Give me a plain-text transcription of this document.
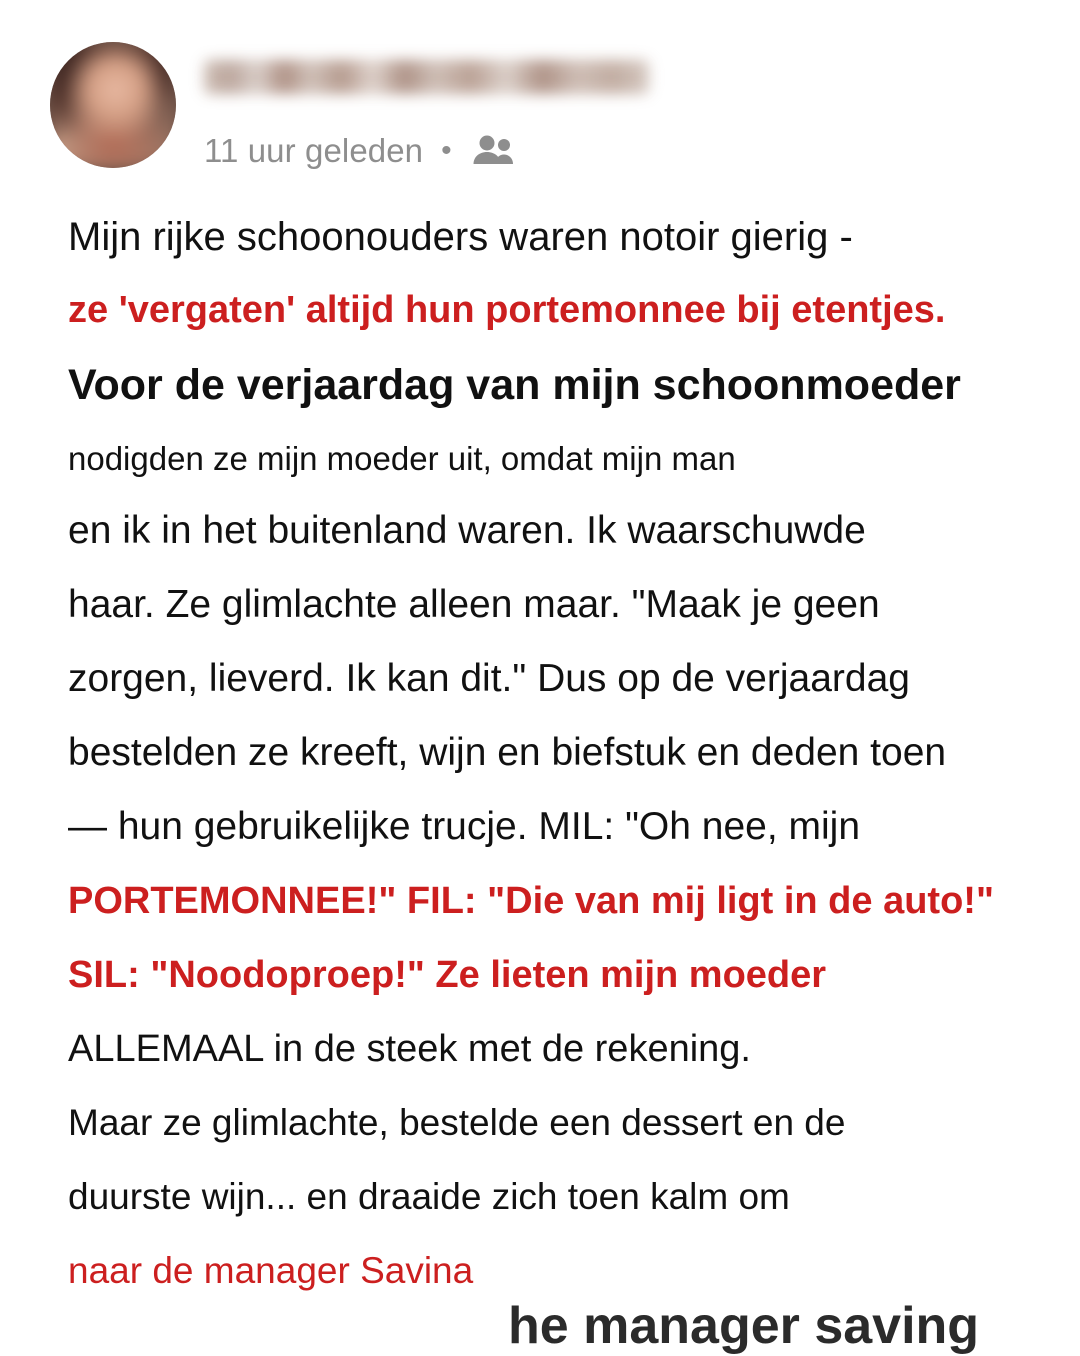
11 uur geleden •
Mijn rijke schoonouders waren notoir gierig -
ze 'vergaten' altijd hun portemonnee bij etentjes.
Voor de verjaardag van mijn schoonmoeder
nodigden ze mijn moeder uit, omdat mijn man
en ik in het buitenland waren. Ik waarschuwde
haar. Ze glimlachte alleen maar. "Maak je geen
zorgen, lieverd. Ik kan dit." Dus op de verjaardag
bestelden ze kreeft, wijn en biefstuk en deden toen
— hun gebruikelijke trucje. MIL: "Oh nee, mijn
PORTEMONNEE!" FIL: "Die van mij ligt in de auto!"
SIL: "Noodoproep!" Ze lieten mijn moeder
ALLEMAAL in de steek met de rekening.
Maar ze glimlachte, bestelde een dessert en de
duurste wijn... en draaide zich toen kalm om
naar de manager Savina
he manager saving
